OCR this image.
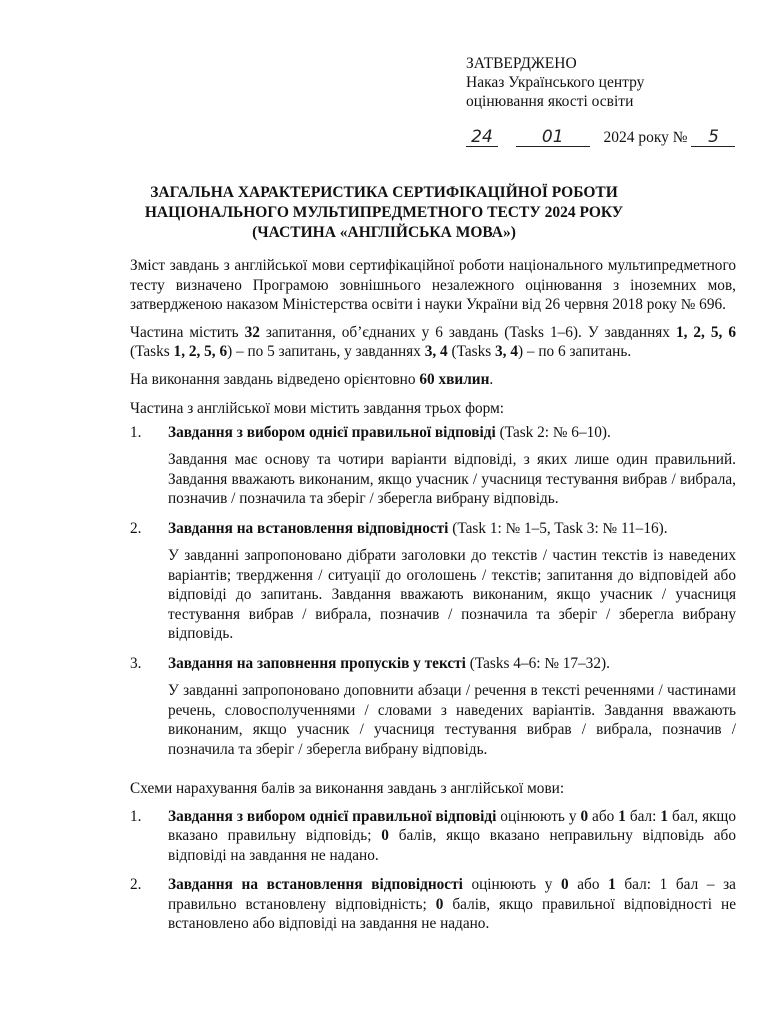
ЗАТВЕРДЖЕНО
Наказ Українського центру
оцінювання якості освіти
24	01	2024 року № 5
ЗАГАЛЬНА ХАРАКТЕРИСТИКА СЕРТИФІКАЦІЙНОЇ РОБОТИ
НАЦІОНАЛЬНОГО МУЛЬТИПРЕДМЕТНОГО ТЕСТУ 2024 РОКУ
(ЧАСТИНА «АНГЛІЙСЬКА МОВА»)

Зміст завдань з англійської мови сертифікаційної роботи національного мультипредметного тесту визначено Програмою зовнішнього незалежного оцінювання з іноземних мов, затвердженою наказом Міністерства освіти і науки України від 26 червня 2018 року № 696.

Частина містить 32 запитання, об’єднаних у 6 завдань (Tasks 1–6). У завданнях 1, 2, 5, 6 (Tasks 1, 2, 5, 6) – по 5 запитань, у завданнях 3, 4 (Tasks 3, 4) – по 6 запитань.

На виконання завдань відведено орієнтовно 60 хвилин.

Частина з англійської мови містить завдання трьох форм:

1.	Завдання з вибором однієї правильної відповіді (Task 2: № 6–10).
Завдання має основу та чотири варіанти відповіді, з яких лише один правильний. Завдання вважають виконаним, якщо учасник / учасниця тестування вибрав / вибрала, позначив / позначила та зберіг / зберегла вибрану відповідь.
2.	Завдання на встановлення відповідності (Task 1: № 1–5, Task 3: № 11–16).
У завданні запропоновано дібрати заголовки до текстів / частин текстів із наведених варіантів; твердження / ситуації до оголошень / текстів; запитання до відповідей або відповіді до запитань. Завдання вважають виконаним, якщо учасник / учасниця тестування вибрав / вибрала, позначив / позначила та зберіг / зберегла вибрану відповідь.
3.	Завдання на заповнення пропусків у тексті (Tasks 4–6: № 17–32).
У завданні запропоновано доповнити абзаци / речення в тексті реченнями / частинами речень, словосполученнями / словами з наведених варіантів. Завдання вважають виконаним, якщо учасник / учасниця тестування вибрав / вибрала, позначив / позначила та зберіг / зберегла вибрану відповідь.

Схеми нарахування балів за виконання завдань з англійської мови:

1.	Завдання з вибором однієї правильної відповіді оцінюють у 0 або 1 бал: 1 бал, якщо вказано правильну відповідь; 0 балів, якщо вказано неправильну відповідь або відповіді на завдання не надано.
2.	Завдання на встановлення відповідності оцінюють у 0 або 1 бал: 1 бал – за правильно встановлену відповідність; 0 балів, якщо правильної відповідності не встановлено або відповіді на завдання не надано.
